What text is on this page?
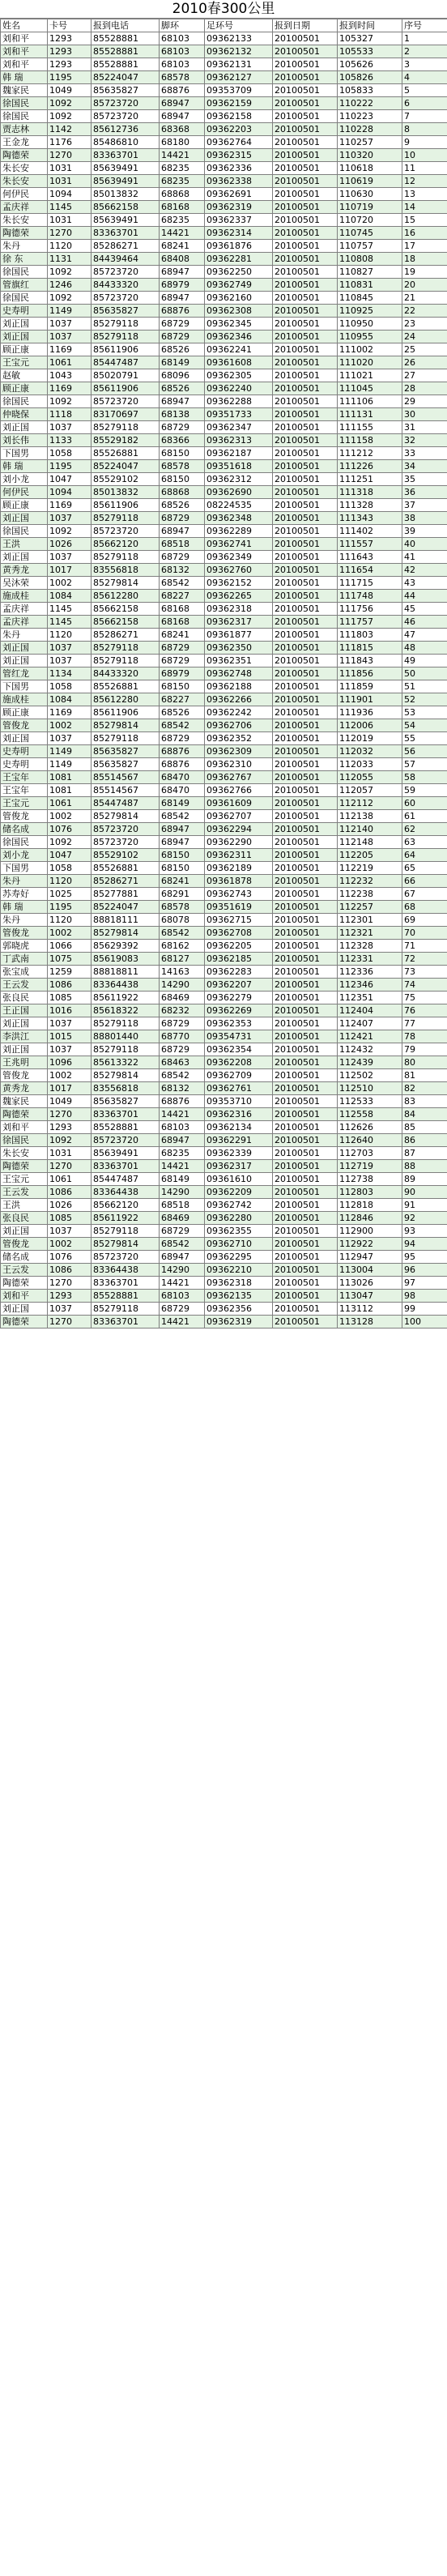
2010春300公里
姓名	卡号	报到电话	脚环	足环号	报到日期	报到时间	序号
刘和平	1293	85528881	68103	09362133	20100501	105327	1
刘和平	1293	85528881	68103	09362132	20100501	105533	2
刘和平	1293	85528881	68103	09362131	20100501	105626	3
韩 瑞	1195	85224047	68578	09362127	20100501	105826	4
魏家民	1049	85635827	68876	09353709	20100501	105833	5
徐国民	1092	85723720	68947	09362159	20100501	110222	6
徐国民	1092	85723720	68947	09362158	20100501	110223	7
贾志林	1142	85612736	68368	09362203	20100501	110228	8
王金龙	1176	85486810	68180	09362764	20100501	110257	9
陶德荣	1270	83363701	14421	09362315	20100501	110320	10
朱长安	1031	85639491	68235	09362336	20100501	110618	11
朱长安	1031	85639491	68235	09362338	20100501	110619	12
何伊民	1094	85013832	68868	09362691	20100501	110630	13
孟庆祥	1145	85662158	68168	09362319	20100501	110719	14
朱长安	1031	85639491	68235	09362337	20100501	110720	15
陶德荣	1270	83363701	14421	09362314	20100501	110745	16
朱丹	1120	85286271	68241	09361876	20100501	110757	17
徐 东	1131	84439464	68408	09362281	20100501	110808	18
徐国民	1092	85723720	68947	09362250	20100501	110827	19
管旗红	1246	84433320	68979	09362749	20100501	110831	20
徐国民	1092	85723720	68947	09362160	20100501	110845	21
史寿明	1149	85635827	68876	09362308	20100501	110925	22
刘正国	1037	85279118	68729	09362345	20100501	110950	23
刘正国	1037	85279118	68729	09362346	20100501	110955	24
顾正康	1169	85611906	68526	09362241	20100501	111002	25
王宝元	1061	85447487	68149	09361608	20100501	111020	26
赵敏	1043	85020791	68096	09362305	20100501	111021	27
顾正康	1169	85611906	68526	09362240	20100501	111045	28
徐国民	1092	85723720	68947	09362288	20100501	111106	29
仲晓保	1118	83170697	68138	09351733	20100501	111131	30
刘正国	1037	85279118	68729	09362347	20100501	111155	31
刘长伟	1133	85529182	68366	09362313	20100501	111158	32
下国男	1058	85526881	68150	09362187	20100501	111212	33
韩 瑞	1195	85224047	68578	09351618	20100501	111226	34
刘小龙	1047	85529102	68150	09362312	20100501	111251	35
何伊民	1094	85013832	68868	09362690	20100501	111318	36
顾正康	1169	85611906	68526	08224535	20100501	111328	37
刘正国	1037	85279118	68729	09362348	20100501	111343	38
徐国民	1092	85723720	68947	09362289	20100501	111402	39
王洪	1026	85662120	68518	09362741	20100501	111557	40
刘正国	1037	85279118	68729	09362349	20100501	111643	41
黄秀龙	1017	83556818	68132	09362760	20100501	111654	42
吴沐荣	1002	85279814	68542	09362152	20100501	111715	43
施成桂	1084	85612280	68227	09362265	20100501	111748	44
孟庆祥	1145	85662158	68168	09362318	20100501	111756	45
孟庆祥	1145	85662158	68168	09362317	20100501	111757	46
朱丹	1120	85286271	68241	09361877	20100501	111803	47
刘正国	1037	85279118	68729	09362350	20100501	111815	48
刘正国	1037	85279118	68729	09362351	20100501	111843	49
管红龙	1134	84433320	68979	09362748	20100501	111856	50
下国男	1058	85526881	68150	09362188	20100501	111859	51
施成桂	1084	85612280	68227	09362266	20100501	111901	52
顾正康	1169	85611906	68526	09362242	20100501	111936	53
管俊龙	1002	85279814	68542	09362706	20100501	112006	54
刘正国	1037	85279118	68729	09362352	20100501	112019	55
史寿明	1149	85635827	68876	09362309	20100501	112032	56
史寿明	1149	85635827	68876	09362310	20100501	112033	57
王宝年	1081	85514567	68470	09362767	20100501	112055	58
王宝年	1081	85514567	68470	09362766	20100501	112057	59
王宝元	1061	85447487	68149	09361609	20100501	112112	60
管俊龙	1002	85279814	68542	09362707	20100501	112138	61
储名成	1076	85723720	68947	09362294	20100501	112140	62
徐国民	1092	85723720	68947	09362290	20100501	112148	63
刘小龙	1047	85529102	68150	09362311	20100501	112205	64
下国男	1058	85526881	68150	09362189	20100501	112219	65
朱丹	1120	85286271	68241	09361878	20100501	112232	66
苏寿好	1025	85277881	68291	09362743	20100501	112238	67
韩 瑞	1195	85224047	68578	09351619	20100501	112257	68
朱丹	1120	88818111	68078	09362715	20100501	112301	69
管俊龙	1002	85279814	68542	09362708	20100501	112321	70
郭晓虎	1066	85629392	68162	09362205	20100501	112328	71
丁武南	1075	85619083	68127	09362185	20100501	112331	72
张宝成	1259	88818811	14163	09362283	20100501	112336	73
王云发	1086	83364438	14290	09362207	20100501	112346	74
张良民	1085	85611922	68469	09362279	20100501	112351	75
王正国	1016	85618322	68232	09362269	20100501	112404	76
刘正国	1037	85279118	68729	09362353	20100501	112407	77
李洪江	1015	88801440	68770	09354731	20100501	112421	78
刘正国	1037	85279118	68729	09362354	20100501	112432	79
王兆明	1096	85613322	68463	09362208	20100501	112439	80
管俊龙	1002	85279814	68542	09362709	20100501	112502	81
黄秀龙	1017	83556818	68132	09362761	20100501	112510	82
魏家民	1049	85635827	68876	09353710	20100501	112533	83
陶德荣	1270	83363701	14421	09362316	20100501	112558	84
刘和平	1293	85528881	68103	09362134	20100501	112626	85
徐国民	1092	85723720	68947	09362291	20100501	112640	86
朱长安	1031	85639491	68235	09362339	20100501	112703	87
陶德荣	1270	83363701	14421	09362317	20100501	112719	88
王宝元	1061	85447487	68149	09361610	20100501	112738	89
王云发	1086	83364438	14290	09362209	20100501	112803	90
王洪	1026	85662120	68518	09362742	20100501	112818	91
张良民	1085	85611922	68469	09362280	20100501	112846	92
刘正国	1037	85279118	68729	09362355	20100501	112900	93
管俊龙	1002	85279814	68542	09362710	20100501	112922	94
储名成	1076	85723720	68947	09362295	20100501	112947	95
王云发	1086	83364438	14290	09362210	20100501	113004	96
陶德荣	1270	83363701	14421	09362318	20100501	113026	97
刘和平	1293	85528881	68103	09362135	20100501	113047	98
刘正国	1037	85279118	68729	09362356	20100501	113112	99
陶德荣	1270	83363701	14421	09362319	20100501	113128	100
